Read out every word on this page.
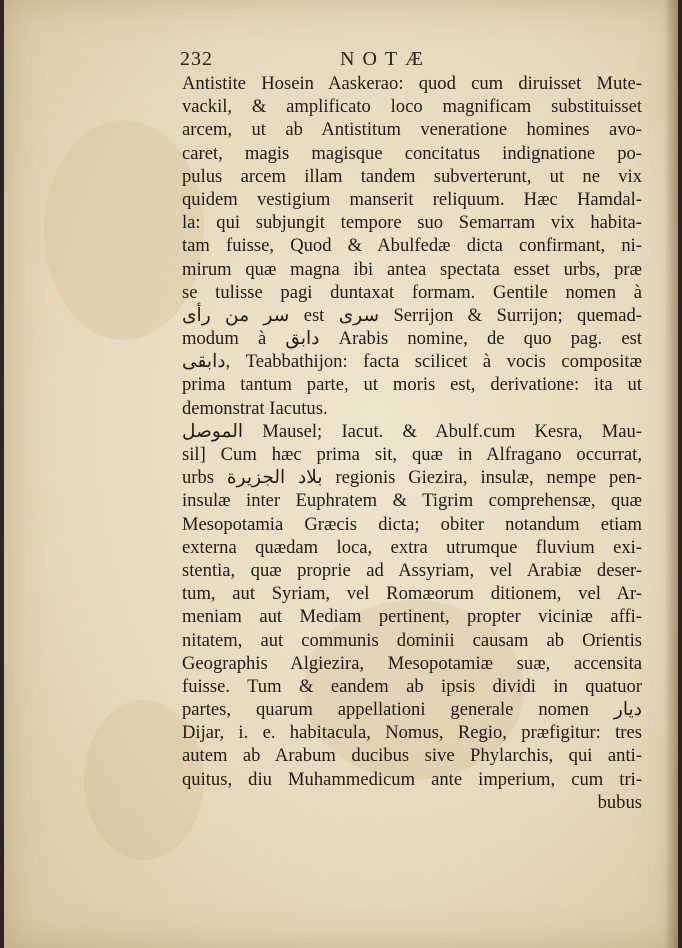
232	NOTÆ
Antistite Hosein Aaskerao: quod cum diruisset Mute-
vackil, & amplificato loco magnificam substituisset
arcem, ut ab Antistitum veneratione homines avo-
caret, magis magisque concitatus indignatione po-
pulus arcem illam tandem subverterunt, ut ne vix
quidem vestigium manserit reliquum. Hæc Hamdal-
la: qui subjungit tempore suo Semarram vix habita-
tam fuisse, Quod & Abulfedæ dicta confirmant, ni-
mirum quæ magna ibi antea spectata esset urbs, præ
se tulisse pagi duntaxat formam. Gentile nomen à
سر من رأى est سرى Serrijon & Surrijon; quemad-
modum à دابق Arabis nomine, de quo pag. est
دابقى, Teabbathijon: facta scilicet à vocis compositæ
prima tantum parte, ut moris est, derivatione: ita ut
demonstrat Iacutus.
الموصل Mausel; Iacut. & Abulf.cum Kesra, Mau-
sil] Cum hæc prima sit, quæ in Alfragano occurrat,
urbs بلاد الجزيرة regionis Giezira, insulæ, nempe pen-
insulæ inter Euphratem & Tigrim comprehensæ, quæ
Mesopotamia Græcis dicta; obiter notandum etiam
externa quædam loca, extra utrumque fluvium exi-
stentia, quæ proprie ad Assyriam, vel Arabiæ deser-
tum, aut Syriam, vel Romæorum ditionem, vel Ar-
meniam aut Mediam pertinent, propter viciniæ affi-
nitatem, aut communis dominii causam ab Orientis
Geographis Algiezira, Mesopotamiæ suæ, accensita
fuisse. Tum & eandem ab ipsis dividi in quatuor
partes, quarum appellationi generale nomen ديار
Dijar, i. e. habitacula, Nomus, Regio, præfigitur: tres
autem ab Arabum ducibus sive Phylarchis, qui anti-
quitus, diu Muhammedicum ante imperium, cum tri-
bubus
